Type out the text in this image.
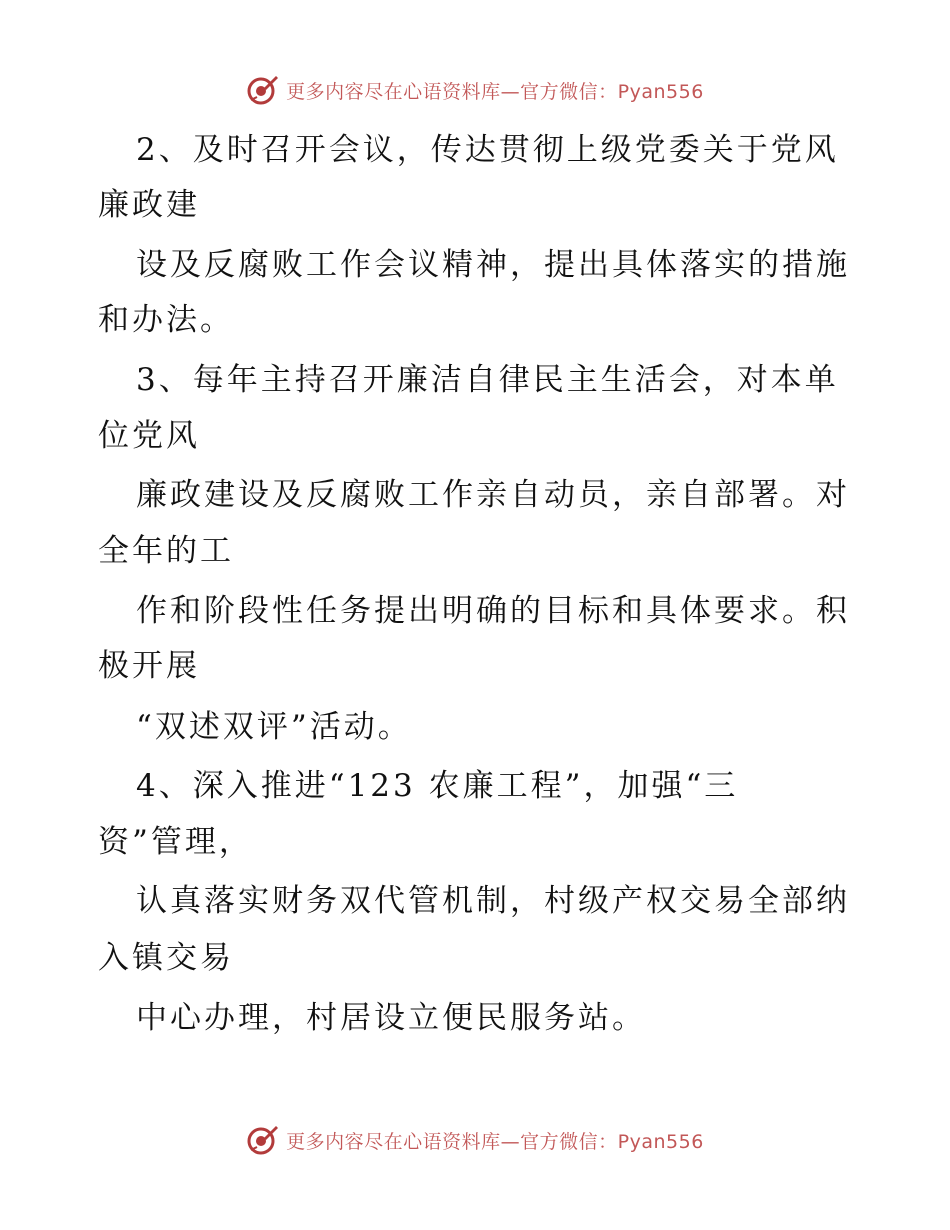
更多内容尽在心语资料库—官方微信：Pyan556
2、及时召开会议，传达贯彻上级党委关于党风
廉政建
设及反腐败工作会议精神，提出具体落实的措施
和办法。
3、每年主持召开廉洁自律民主生活会，对本单
位党风
廉政建设及反腐败工作亲自动员，亲自部署。对
全年的工
作和阶段性任务提出明确的目标和具体要求。积
极开展
“双述双评”活动。
4、深入推进“123 农廉工程”，加强“三
资”管理，
认真落实财务双代管机制，村级产权交易全部纳
入镇交易
中心办理，村居设立便民服务站。
更多内容尽在心语资料库—官方微信：Pyan556
